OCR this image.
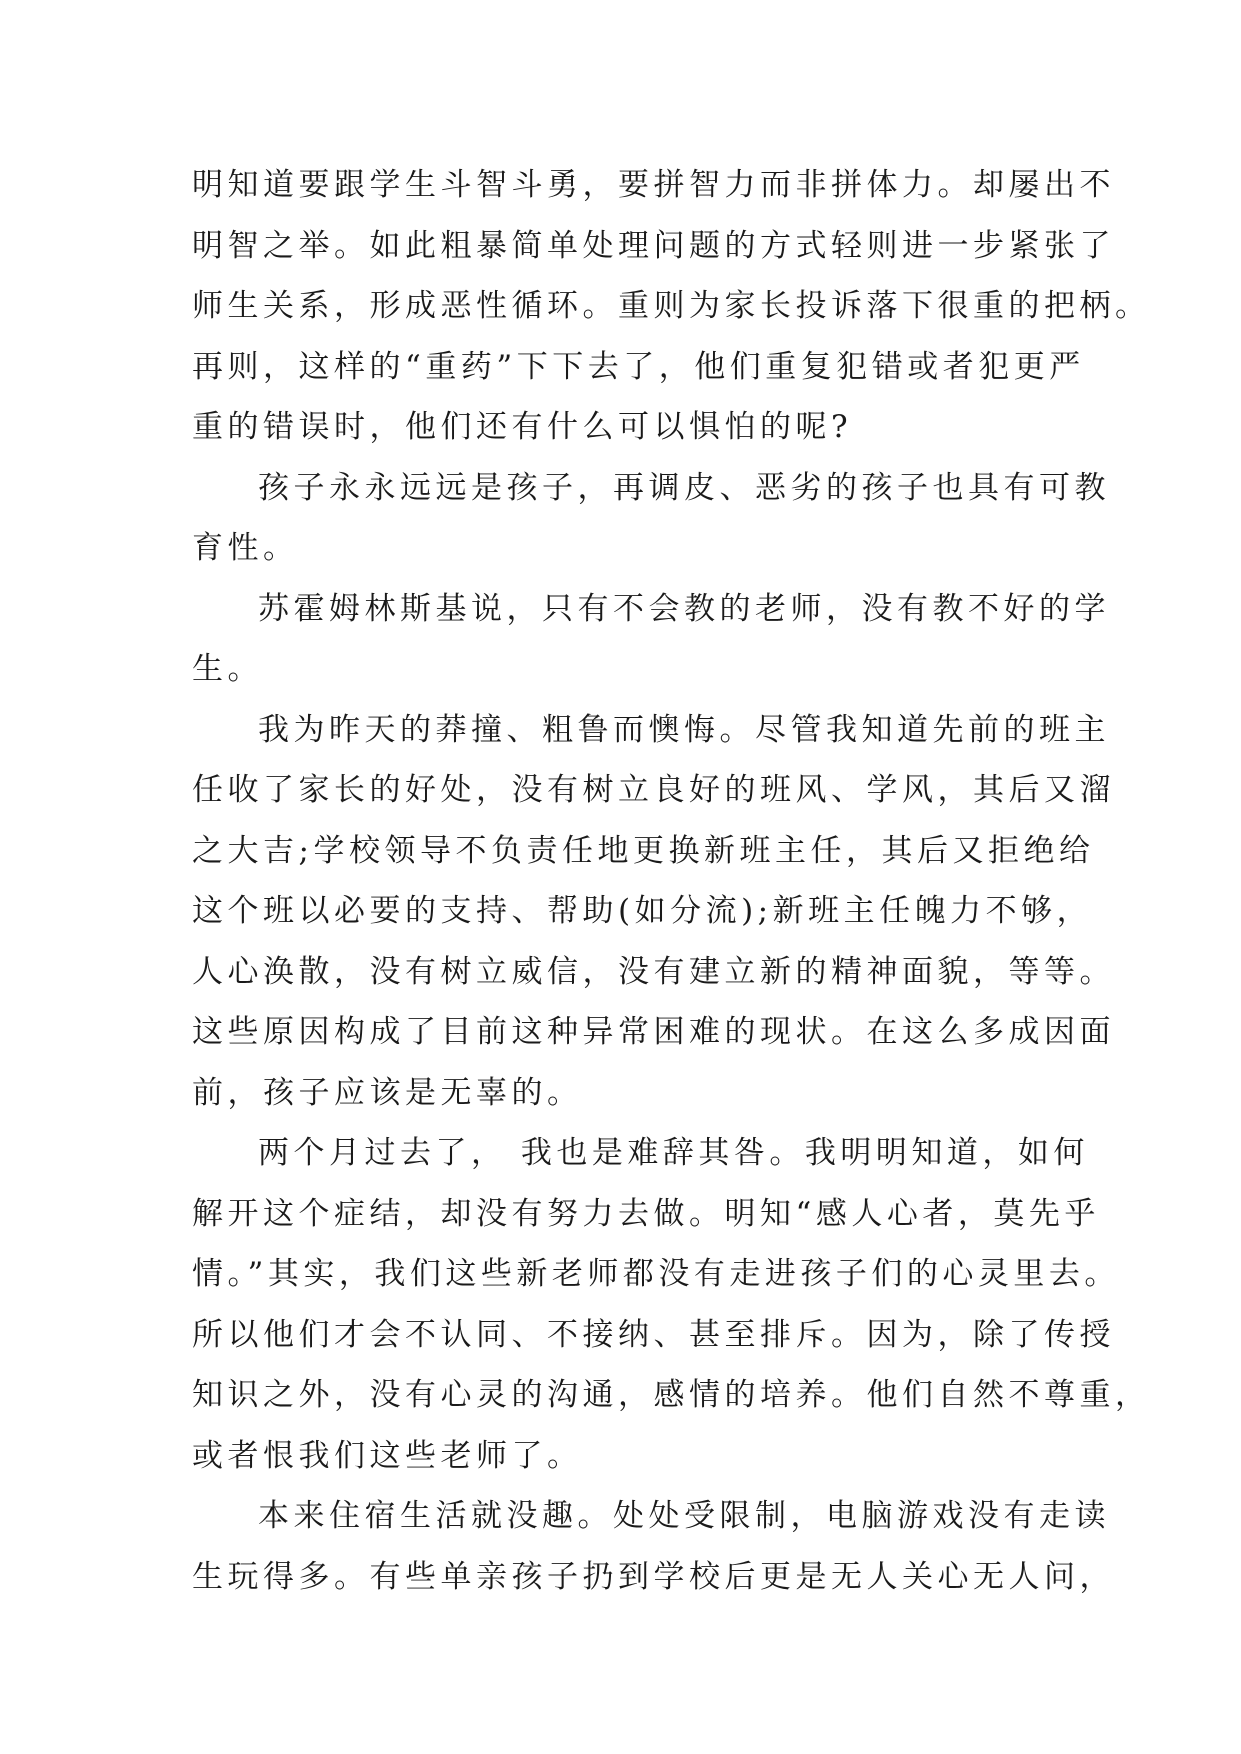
明知道要跟学生斗智斗勇，要拼智力而非拼体力。却屡出不
明智之举。如此粗暴简单处理问题的方式轻则进一步紧张了
师生关系，形成恶性循环。重则为家长投诉落下很重的把柄。
再则，这样的“重药”下下去了，他们重复犯错或者犯更严
重的错误时，他们还有什么可以惧怕的呢?
孩子永永远远是孩子，再调皮、恶劣的孩子也具有可教
育性。
苏霍姆林斯基说，只有不会教的老师，没有教不好的学
生。
我为昨天的莽撞、粗鲁而懊悔。尽管我知道先前的班主
任收了家长的好处，没有树立良好的班风、学风，其后又溜
之大吉;学校领导不负责任地更换新班主任，其后又拒绝给
这个班以必要的支持、帮助(如分流);新班主任魄力不够，
人心涣散，没有树立威信，没有建立新的精神面貌，等等。
这些原因构成了目前这种异常困难的现状。在这么多成因面
前，孩子应该是无辜的。
两个月过去了， 我也是难辞其咎。我明明知道，如何
解开这个症结，却没有努力去做。明知“感人心者，莫先乎
情。”其实，我们这些新老师都没有走进孩子们的心灵里去。
所以他们才会不认同、不接纳、甚至排斥。因为，除了传授
知识之外，没有心灵的沟通，感情的培养。他们自然不尊重，
或者恨我们这些老师了。
本来住宿生活就没趣。处处受限制，电脑游戏没有走读
生玩得多。有些单亲孩子扔到学校后更是无人关心无人问，
